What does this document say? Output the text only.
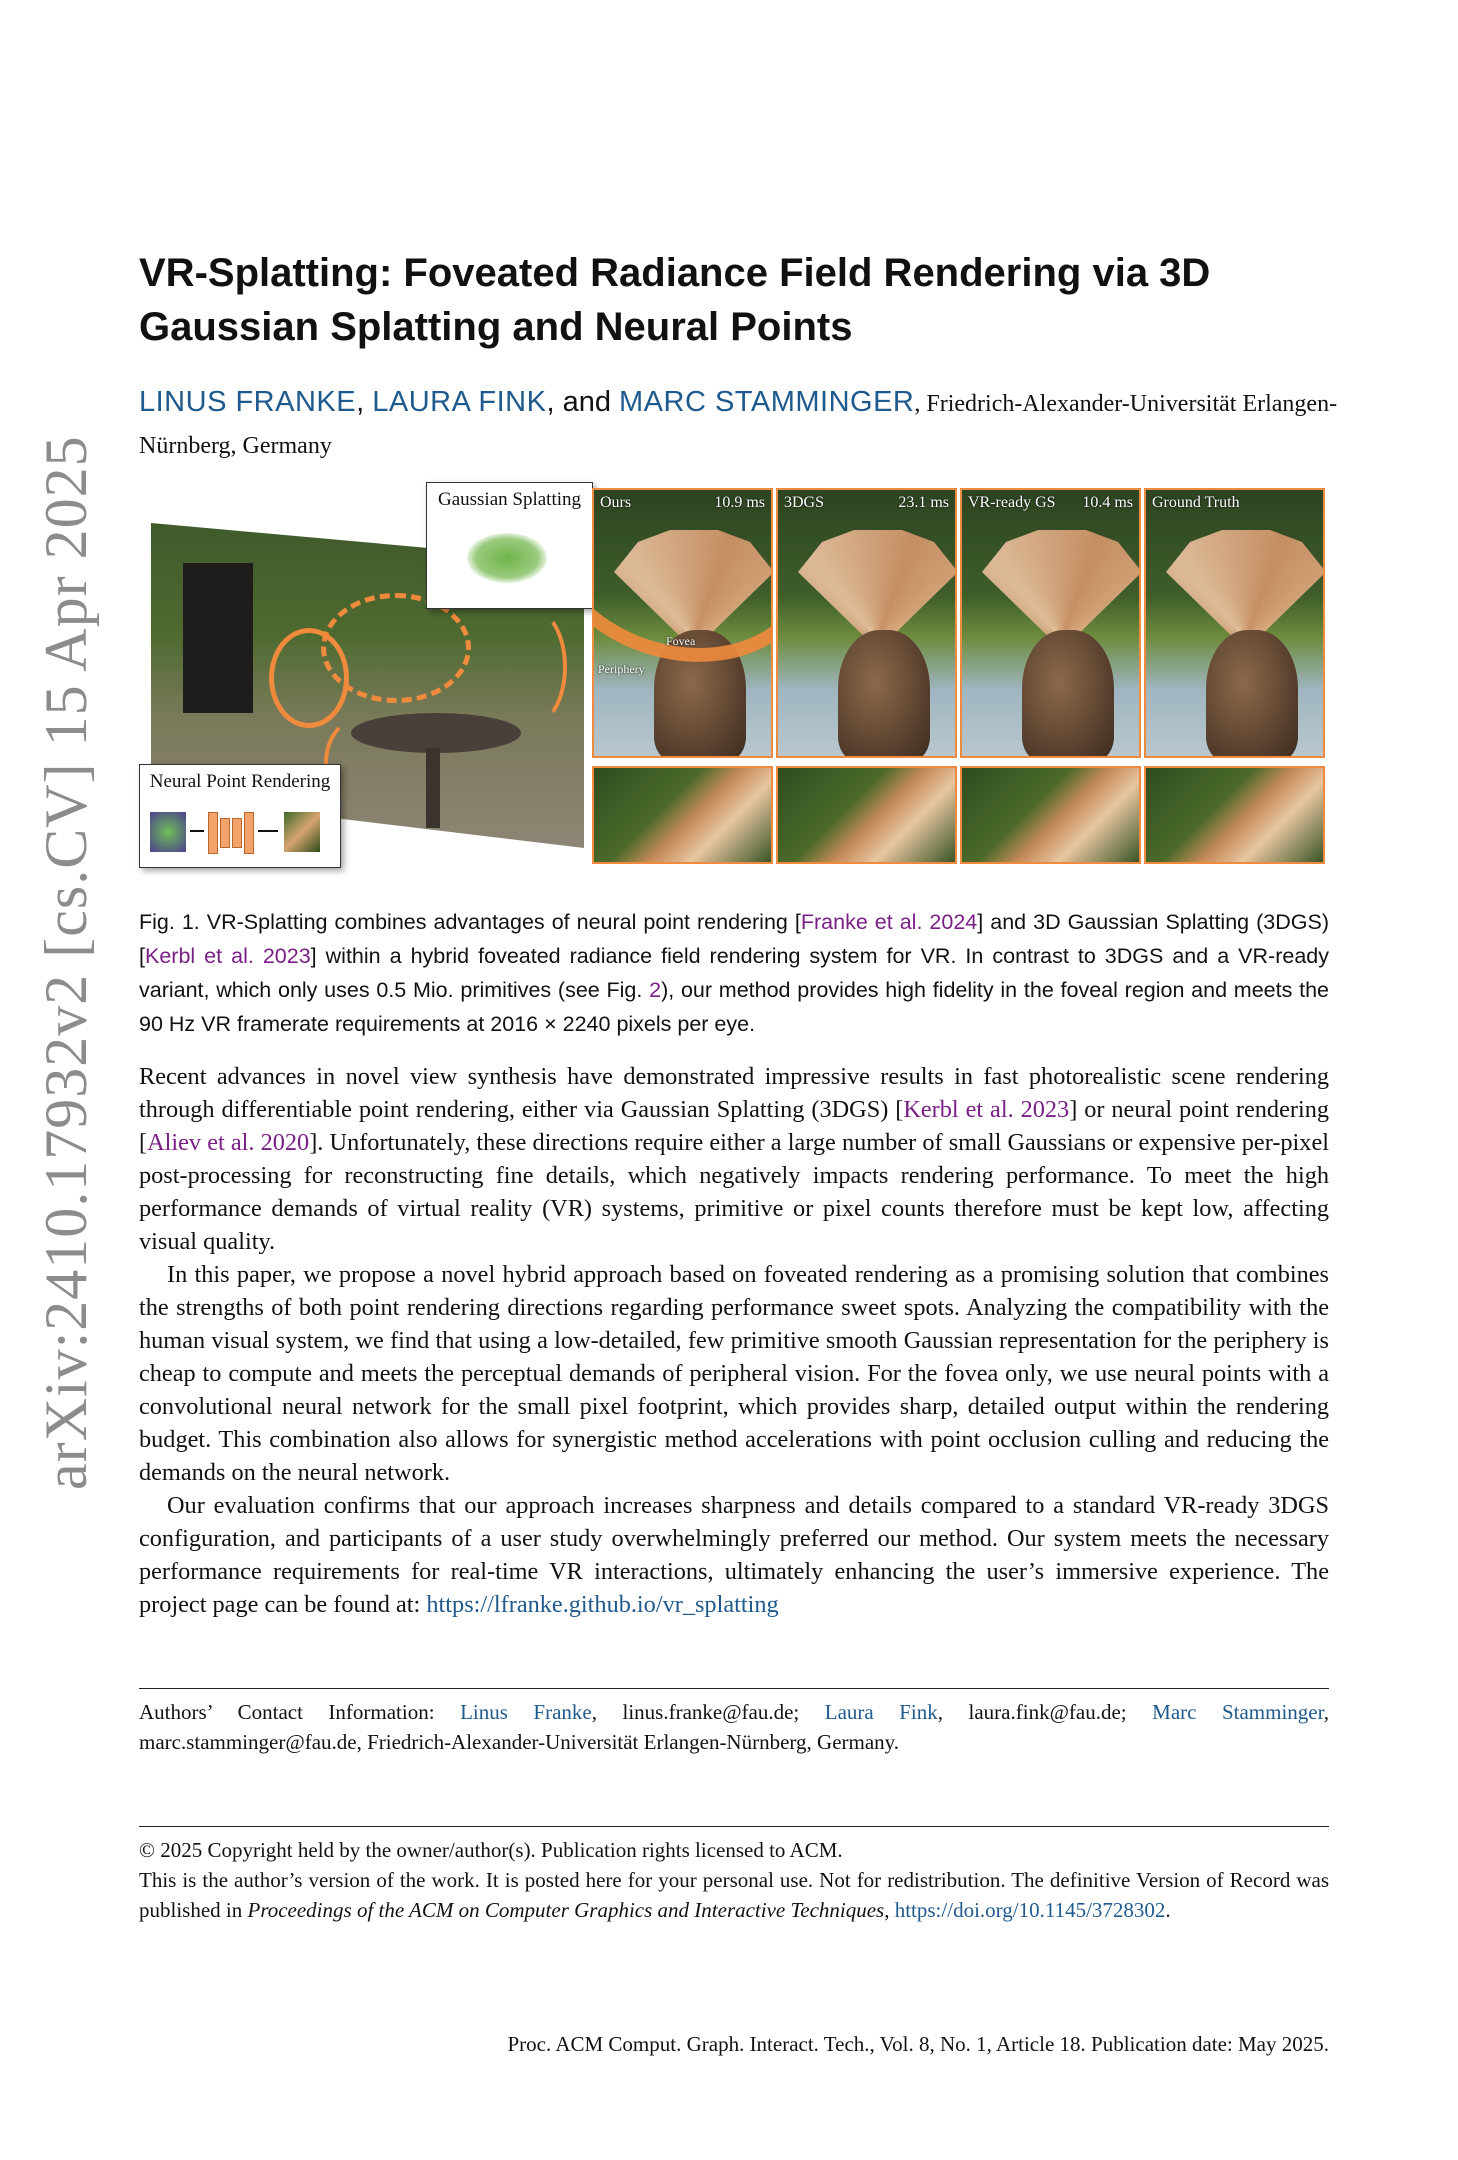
arXiv:2410.17932v2 [cs.CV] 15 Apr 2025
VR-Splatting: Foveated Radiance Field Rendering via 3D Gaussian Splatting and Neural Points
LINUS FRANKE, LAURA FINK, and MARC STAMMINGER, Friedrich-Alexander-Universität Erlangen-Nürnberg, Germany
Gaussian Splatting
Neural Point Rendering
Ours	10.9 ms
Fovea
Periphery
3DGS	23.1 ms VR-ready GS 10.4 ms Ground Truth
Fig. 1. VR-Splatting combines advantages of neural point rendering [Franke et al. 2024] and 3D Gaussian Splatting (3DGS) [Kerbl et al. 2023] within a hybrid foveated radiance field rendering system for VR. In contrast to 3DGS and a VR-ready variant, which only uses 0.5 Mio. primitives (see Fig. 2), our method provides high fidelity in the foveal region and meets the 90 Hz VR framerate requirements at 2016 × 2240 pixels per eye.

Recent advances in novel view synthesis have demonstrated impressive results in fast photorealistic scene rendering through differentiable point rendering, either via Gaussian Splatting (3DGS) [Kerbl et al. 2023] or neural point rendering [Aliev et al. 2020]. Unfortunately, these directions require either a large number of small Gaussians or expensive per-pixel post-processing for reconstructing fine details, which negatively impacts rendering performance. To meet the high performance demands of virtual reality (VR) systems, primitive or pixel counts therefore must be kept low, affecting visual quality.

In this paper, we propose a novel hybrid approach based on foveated rendering as a promising solution that combines the strengths of both point rendering directions regarding performance sweet spots. Analyzing the compatibility with the human visual system, we find that using a low-detailed, few primitive smooth Gaussian representation for the periphery is cheap to compute and meets the perceptual demands of peripheral vision. For the fovea only, we use neural points with a convolutional neural network for the small pixel footprint, which provides sharp, detailed output within the rendering budget. This combination also allows for synergistic method accelerations with point occlusion culling and reducing the demands on the neural network.

Our evaluation confirms that our approach increases sharpness and details compared to a standard VR-ready 3DGS configuration, and participants of a user study overwhelmingly preferred our method. Our system meets the necessary performance requirements for real-time VR interactions, ultimately enhancing the user’s immersive experience. The project page can be found at: https://lfranke.github.io/vr_splatting

Authors’ Contact Information: Linus Franke, linus.franke@fau.de; Laura Fink, laura.fink@fau.de; Marc Stamminger, marc.stamminger@fau.de, Friedrich-Alexander-Universität Erlangen-Nürnberg, Germany.
© 2025 Copyright held by the owner/author(s). Publication rights licensed to ACM.
This is the author’s version of the work. It is posted here for your personal use. Not for redistribution. The definitive Version of Record was published in Proceedings of the ACM on Computer Graphics and Interactive Techniques, https://doi.org/10.1145/3728302.
Proc. ACM Comput. Graph. Interact. Tech., Vol. 8, No. 1, Article 18. Publication date: May 2025.
